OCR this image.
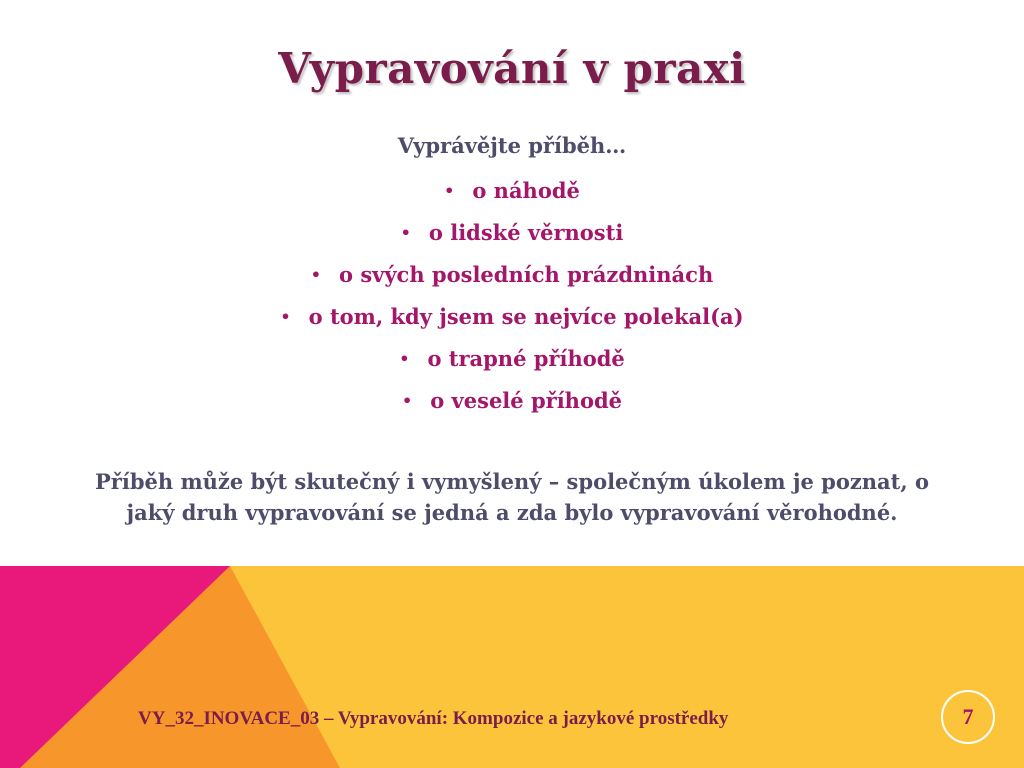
Vypravování v praxi

Vyprávějte příběh…

• o náhodě
• o lidské věrnosti
• o svých posledních prázdninách
• o tom, kdy jsem se nejvíce polekal(a)
• o trapné příhodě
• o veselé příhodě

Příběh může být skutečný i vymyšlený – společným úkolem je poznat, o jaký druh vypravování se jedná a zda bylo vypravování věrohodné.

VY_32_INOVACE_03 – Vypravování: Kompozice a jazykové prostředky	7
